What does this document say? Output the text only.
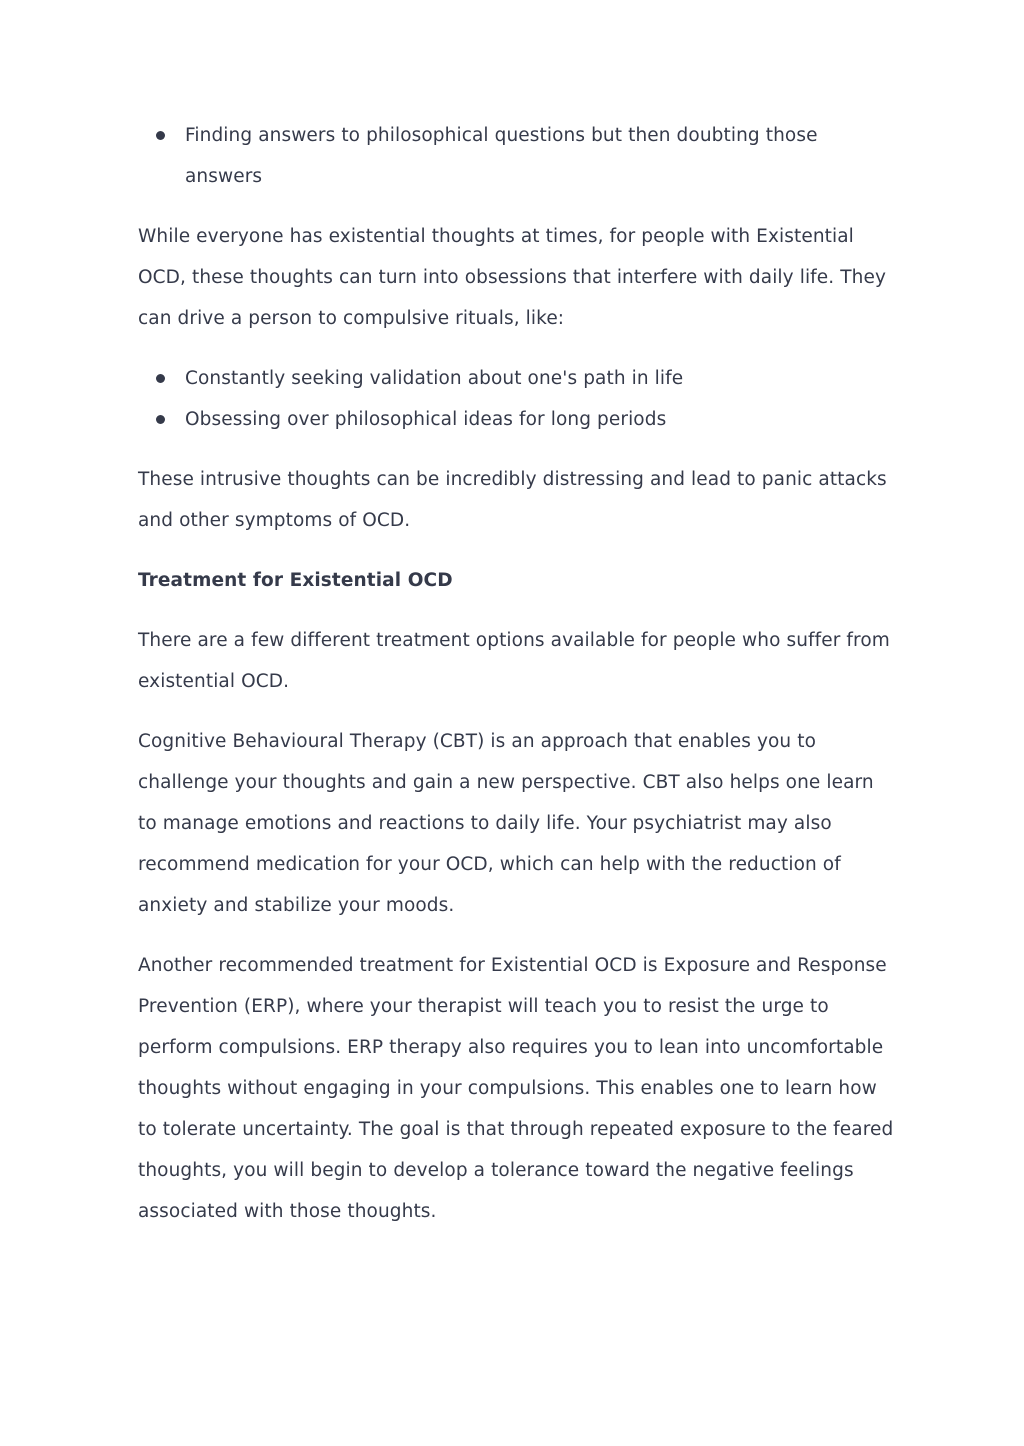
Finding answers to philosophical questions but then doubting those answers

While everyone has existential thoughts at times, for people with Existential OCD, these thoughts can turn into obsessions that interfere with daily life. They can drive a person to compulsive rituals, like:

Constantly seeking validation about one's path in life
Obsessing over philosophical ideas for long periods

These intrusive thoughts can be incredibly distressing and lead to panic attacks and other symptoms of OCD.

Treatment for Existential OCD

There are a few different treatment options available for people who suffer from existential OCD.

Cognitive Behavioural Therapy (CBT) is an approach that enables you to challenge your thoughts and gain a new perspective. CBT also helps one learn to manage emotions and reactions to daily life. Your psychiatrist may also recommend medication for your OCD, which can help with the reduction of anxiety and stabilize your moods.

Another recommended treatment for Existential OCD is Exposure and Response Prevention (ERP), where your therapist will teach you to resist the urge to perform compulsions. ERP therapy also requires you to lean into uncomfortable thoughts without engaging in your compulsions. This enables one to learn how to tolerate uncertainty. The goal is that through repeated exposure to the feared thoughts, you will begin to develop a tolerance toward the negative feelings associated with those thoughts.
